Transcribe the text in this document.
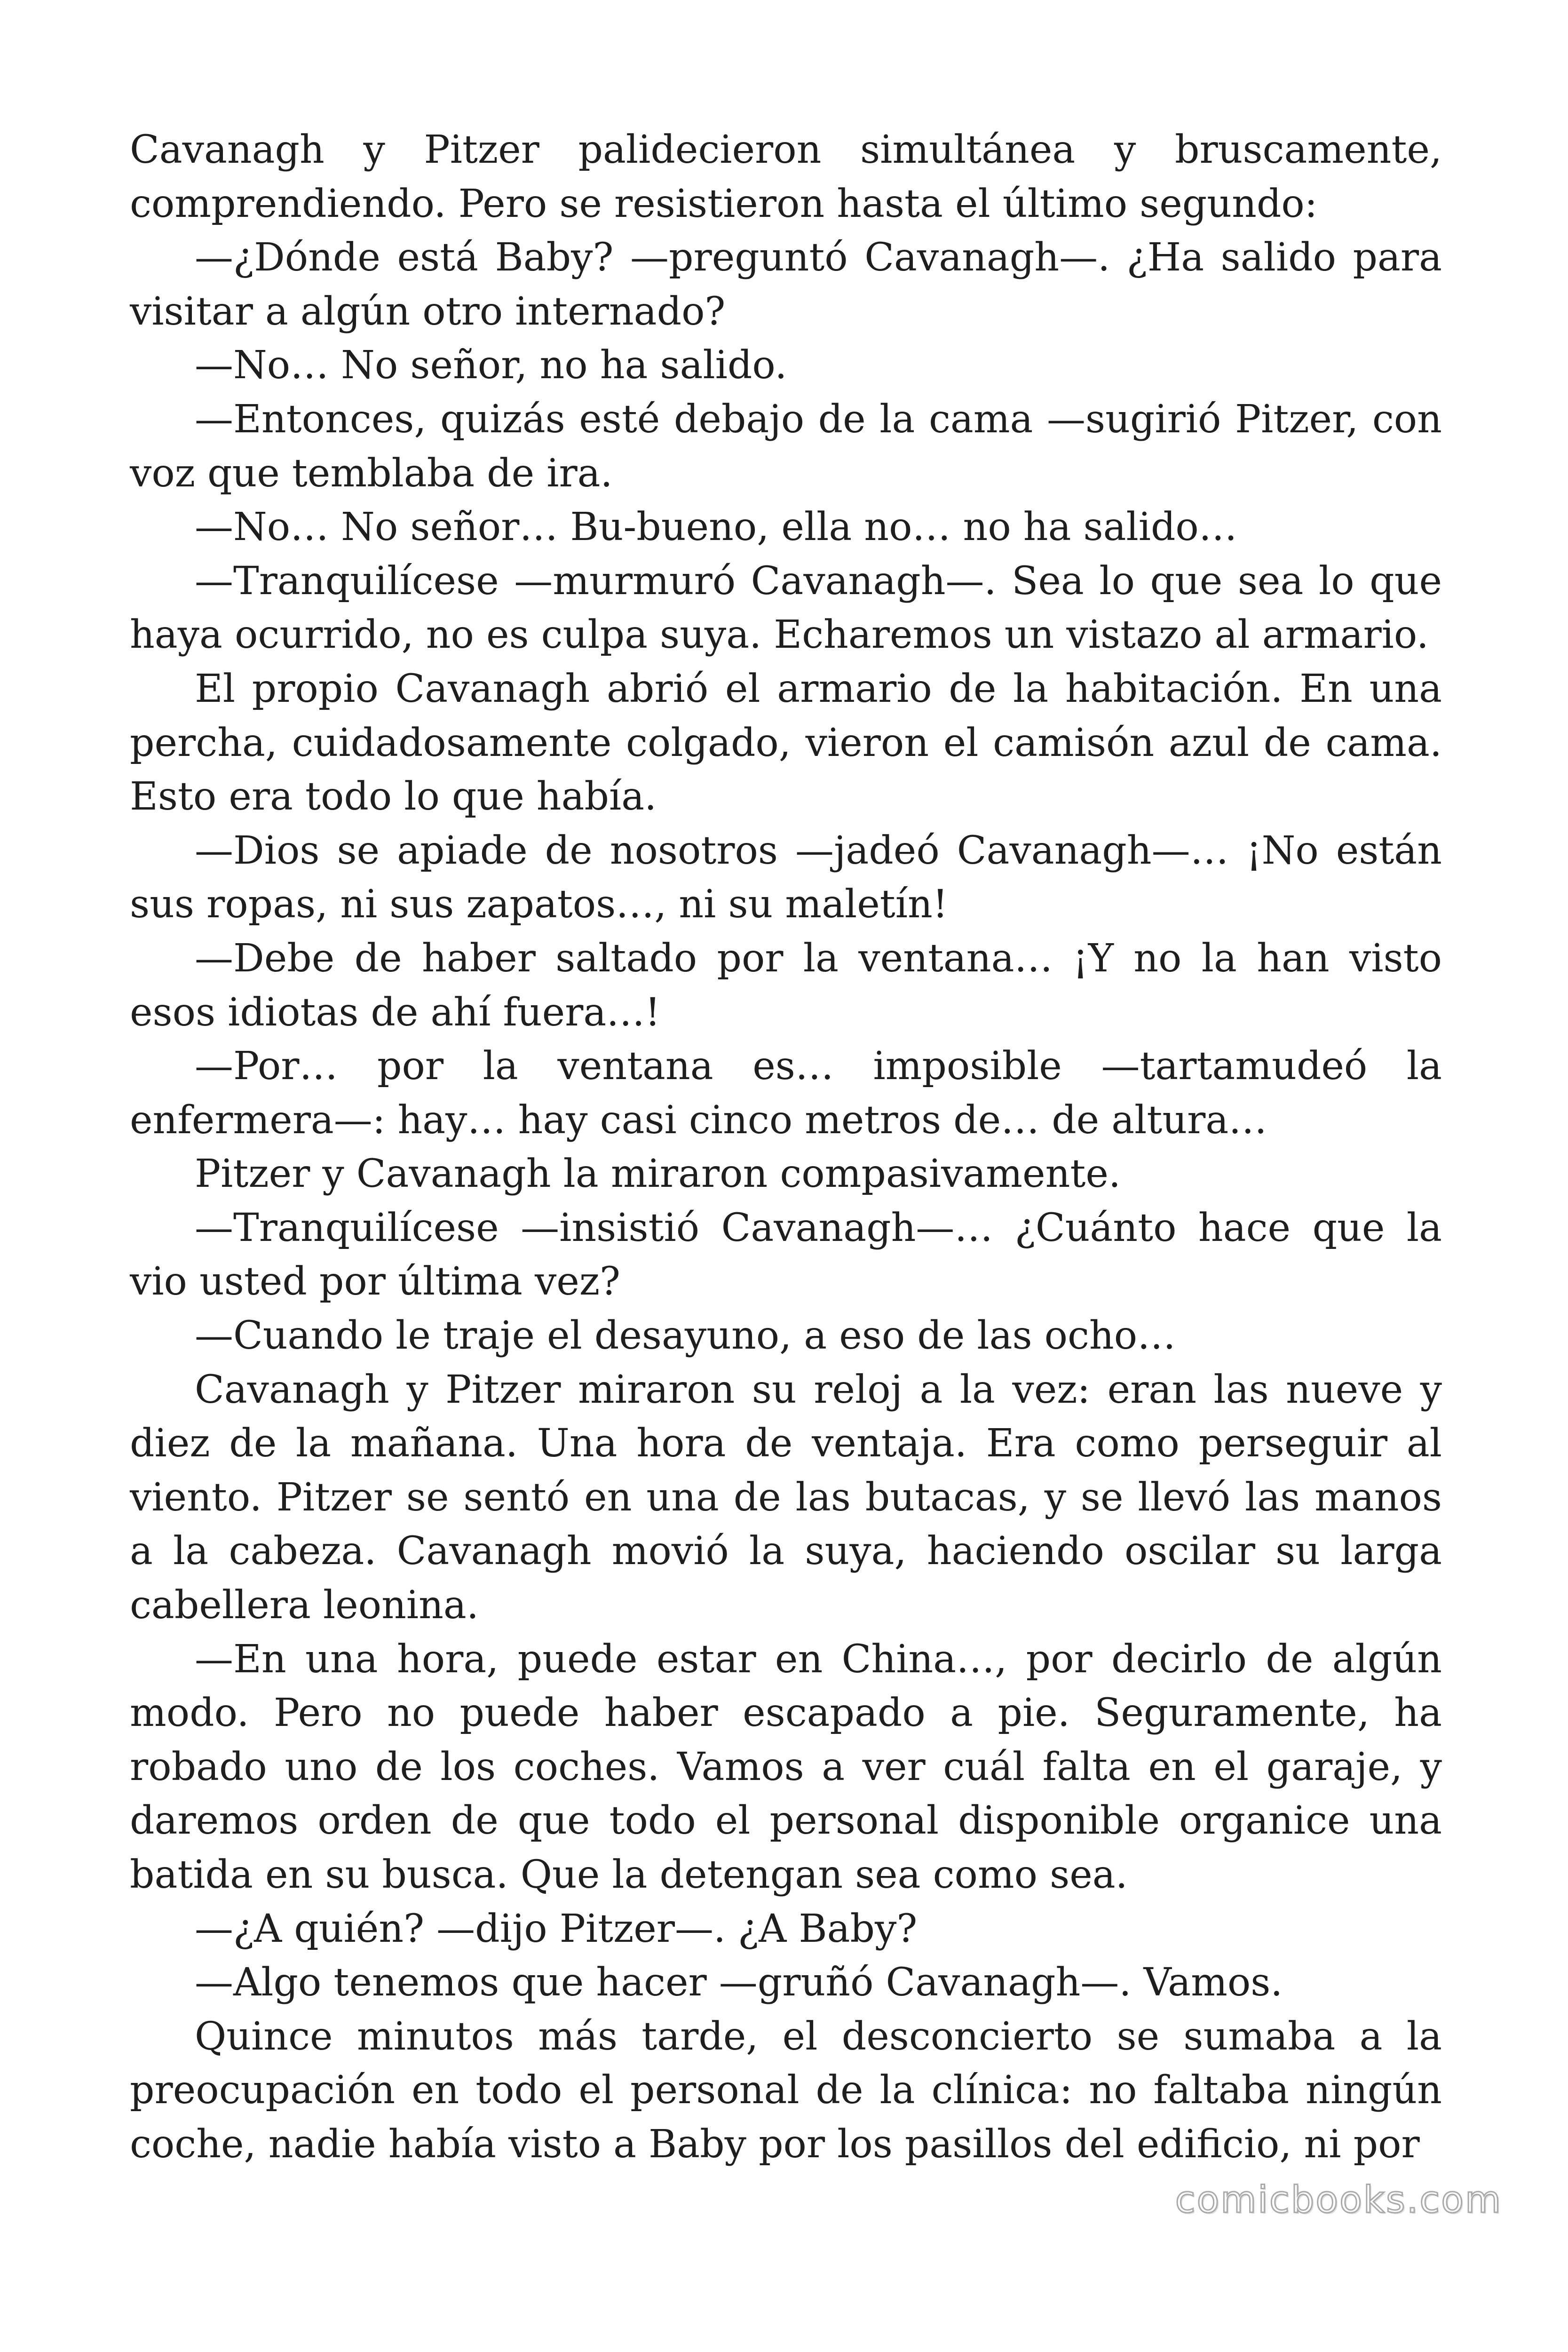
Cavanagh y Pitzer palidecieron simultánea y bruscamente, comprendiendo. Pero se resistieron hasta el último segundo:

—¿Dónde está Baby? —preguntó Cavanagh—. ¿Ha salido para visitar a algún otro internado?

—No… No señor, no ha salido.

—Entonces, quizás esté debajo de la cama —sugirió Pitzer, con voz que temblaba de ira.

—No… No señor… Bu-bueno, ella no… no ha salido…

—Tranquilícese —murmuró Cavanagh—. Sea lo que sea lo que haya ocurrido, no es culpa suya. Echaremos un vistazo al armario.

El propio Cavanagh abrió el armario de la habitación. En una percha, cuidadosamente colgado, vieron el camisón azul de cama. Esto era todo lo que había.

—Dios se apiade de nosotros —jadeó Cavanagh—… ¡No están sus ropas, ni sus zapatos…, ni su maletín!

—Debe de haber saltado por la ventana… ¡Y no la han visto esos idiotas de ahí fuera…!

—Por… por la ventana es… imposible —tartamudeó la enfermera—: hay… hay casi cinco metros de… de altura…

Pitzer y Cavanagh la miraron compasivamente.

—Tranquilícese —insistió Cavanagh—… ¿Cuánto hace que la vio usted por última vez?

—Cuando le traje el desayuno, a eso de las ocho…

Cavanagh y Pitzer miraron su reloj a la vez: eran las nueve y diez de la mañana. Una hora de ventaja. Era como perseguir al viento. Pitzer se sentó en una de las butacas, y se llevó las manos a la cabeza. Cavanagh movió la suya, haciendo oscilar su larga cabellera leonina.

—En una hora, puede estar en China…, por decirlo de algún modo. Pero no puede haber escapado a pie. Seguramente, ha robado uno de los coches. Vamos a ver cuál falta en el garaje, y daremos orden de que todo el personal disponible organice una batida en su busca. Que la detengan sea como sea.

—¿A quién? —dijo Pitzer—. ¿A Baby?

—Algo tenemos que hacer —gruñó Cavanagh—. Vamos.

Quince minutos más tarde, el desconcierto se sumaba a la preocupación en todo el personal de la clínica: no faltaba ningún coche, nadie había visto a Baby por los pasillos del edificio, ni por

comicbooks.com
